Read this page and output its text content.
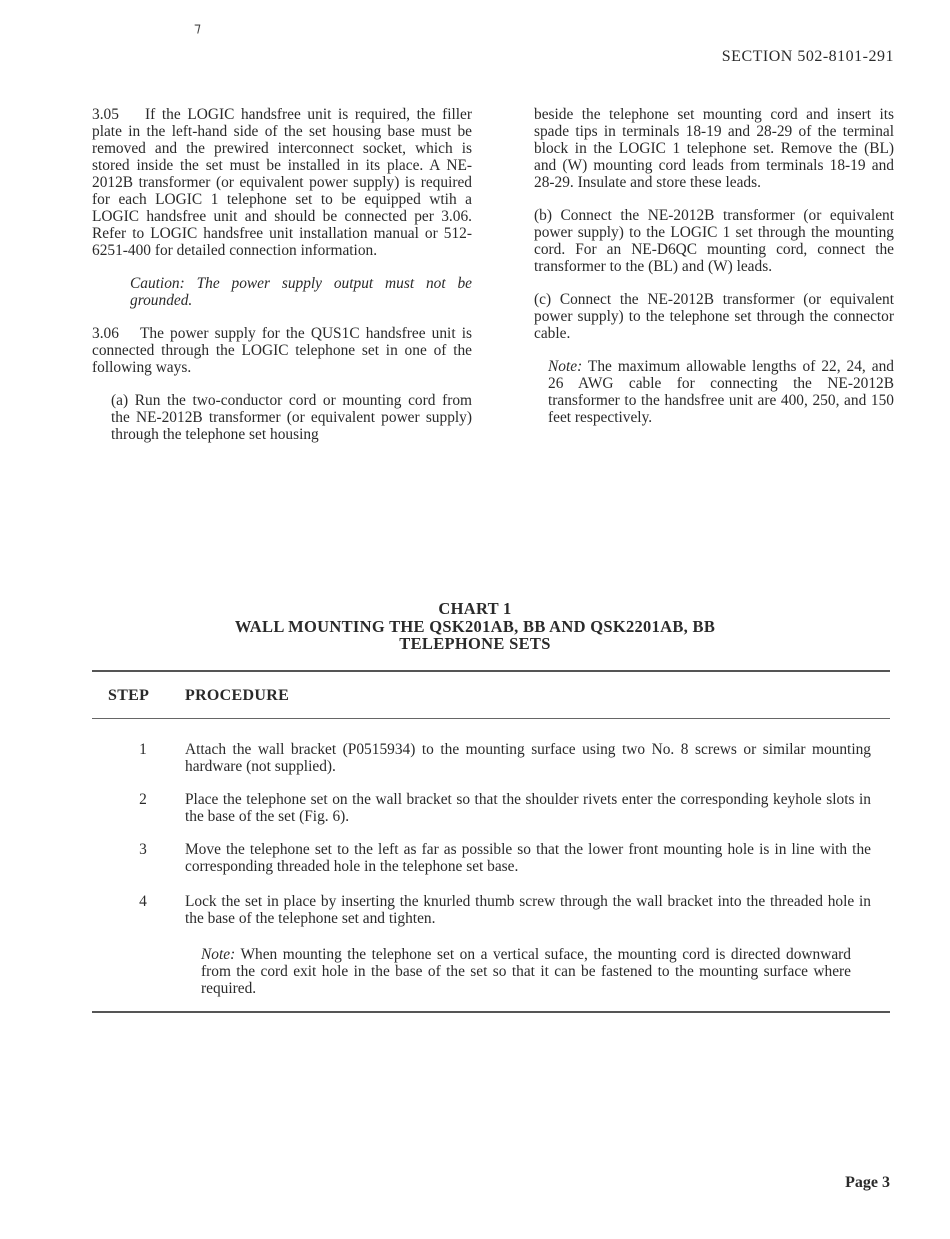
⁊
SECTION 502-8101-291

3.05 If the LOGIC handsfree unit is required, the filler plate in the left-hand side of the set housing base must be removed and the prewired interconnect socket, which is stored inside the set must be installed in its place. A NE-2012B transformer (or equivalent power supply) is required for each LOGIC 1 telephone set to be equipped wtih a LOGIC handsfree unit and should be connected per 3.06. Refer to LOGIC handsfree unit installation manual or 512-6251-400 for detailed connection information.

Caution: The power supply output must not be grounded.

3.06 The power supply for the QUS1C handsfree unit is connected through the LOGIC telephone set in one of the following ways.

(a) Run the two-conductor cord or mounting cord from the NE-2012B transformer (or equivalent power supply) through the telephone set housing

beside the telephone set mounting cord and insert its spade tips in terminals 18-19 and 28-29 of the terminal block in the LOGIC 1 telephone set. Remove the (BL) and (W) mounting cord leads from terminals 18-19 and 28-29. Insulate and store these leads.

(b) Connect the NE-2012B transformer (or equivalent power supply) to the LOGIC 1 set through the mounting cord. For an NE-D6QC mounting cord, connect the transformer to the (BL) and (W) leads.

(c) Connect the NE-2012B transformer (or equivalent power supply) to the telephone set through the connector cable.

Note: The maximum allowable lengths of 22, 24, and 26 AWG cable for connecting the NE-2012B transformer to the handsfree unit are 400, 250, and 150 feet respectively.

CHART 1
WALL MOUNTING THE QSK201AB, BB AND QSK2201AB, BB
TELEPHONE SETS
STEP PROCEDURE
1 Attach the wall bracket (P0515934) to the mounting surface using two No. 8 screws or similar mounting hardware (not supplied).
2 Place the telephone set on the wall bracket so that the shoulder rivets enter the corresponding keyhole slots in the base of the set (Fig. 6).
3 Move the telephone set to the left as far as possible so that the lower front mounting hole is in line with the corresponding threaded hole in the telephone set base.
4 Lock the set in place by inserting the knurled thumb screw through the wall bracket into the threaded hole in the base of the telephone set and tighten.
Note: When mounting the telephone set on a vertical suface, the mounting cord is directed downward from the cord exit hole in the base of the set so that it can be fastened to the mounting surface where required.
Page 3
